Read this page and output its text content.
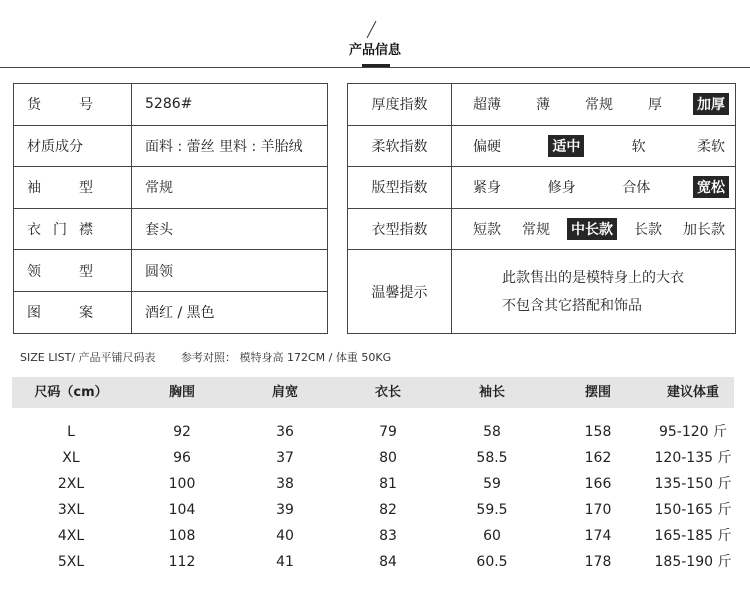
产品信息
货 号	5286#
材质成分	面料 : 蕾丝 里料 : 羊胎绒

袖 型	常规

衣 门 襟	套头

领 型	圆领

图 案	酒红 / 黑色
厚度指数	超薄 薄 常规 厚 加厚

柔软指数	偏硬 适中 软 柔软

版型指数	紧身 修身 合体 宽松

衣型指数	短款 常规 中长款 长款 加长款

温馨提示	此款售出的是模特身上的大衣
不包含其它搭配和饰品
SIZE LIST/ 产品平铺尺码表 参考对照： 模特身高 172CM / 体重 50KG
尺码（cm）	胸围	肩宽	衣长	袖长	摆围	建议体重
L	92	36	79	58	158	95-120 斤
XL	96	37	80	58.5	162	120-135 斤
2XL	100	38	81	59	166	135-150 斤
3XL	104	39	82	59.5	170	150-165 斤
4XL	108	40	83	60	174	165-185 斤
5XL	112	41	84	60.5	178	185-190 斤
